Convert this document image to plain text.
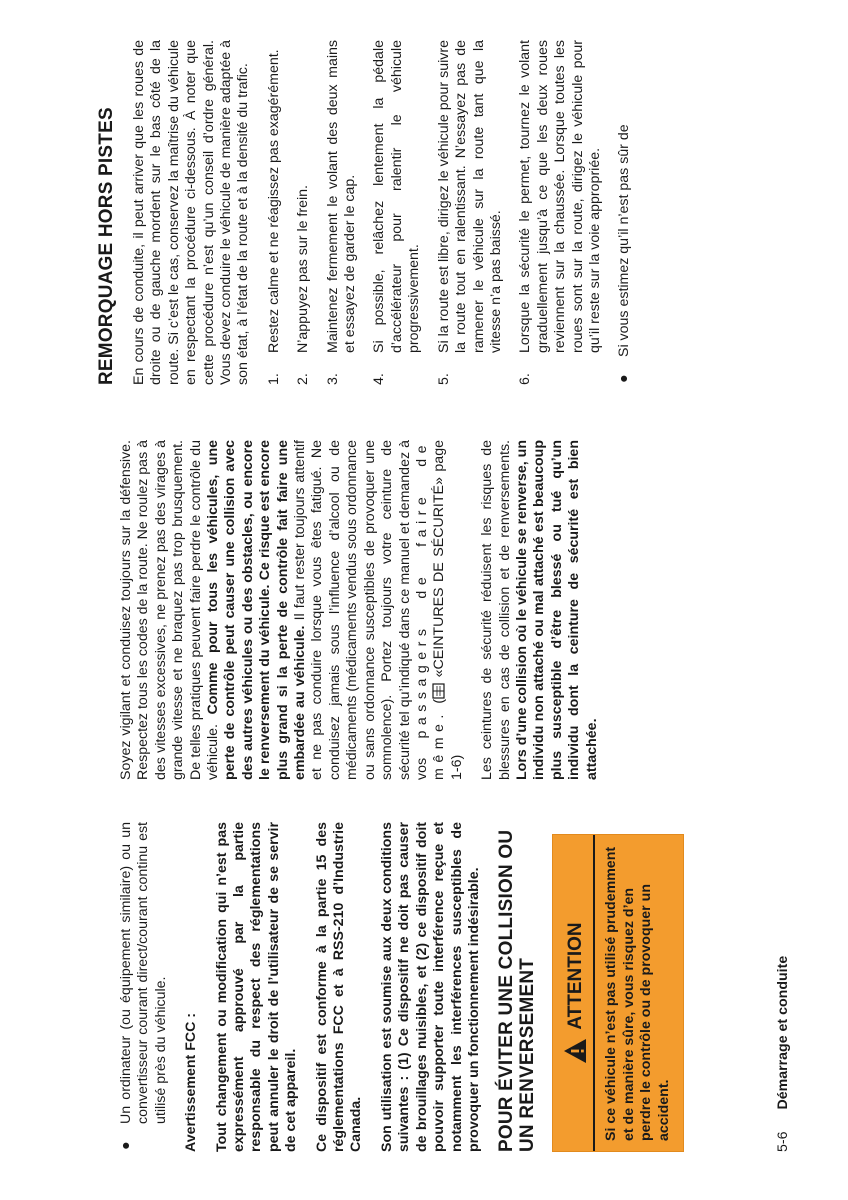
●
Un ordinateur (ou équipement similaire) ou un convertisseur courant direct/courant continu est utilisé près du véhicule. Avertissement FCC : Tout changement ou modification qui n’est pas expressément approuvé par la partie responsable du respect des réglementations peut annuler le droit de l’utilisateur de se servir de cet appareil. Ce dispositif est conforme à la partie 15 des réglementations FCC et à RSS-210 d’Industrie Canada. Son utilisation est soumise aux deux conditions suivantes : (1) Ce dispositif ne doit pas causer de brouillages nuisibles, et (2) ce dispositif doit pouvoir supporter toute interférence reçue et notamment les interférences susceptibles de provoquer un fonctionnement indésirable. POUR ÉVITER UNE COLLISION OU UN RENVERSEMENT ATTENTION	Si ce véhicule n’est pas utilisé prudemment et de manière sûre, vous risquez d’en perdre le contrôle ou de provoquer un accident.

Soyez vigilant et conduisez toujours sur la défensive. Respectez tous les codes de la route. Ne roulez pas à des vitesses excessives, ne prenez pas des virages à grande vitesse et ne braquez pas trop brusquement. De telles pratiques peuvent faire perdre le contrôle du véhicule. Comme pour tous les véhicules, une perte de contrôle peut causer une collision avec des autres véhicules ou des obstacles, ou encore le renversement du véhicule. Ce risque est encore plus grand si la perte de contrôle fait faire une embardée au véhicule. Il faut rester toujours attentif et ne pas conduire lorsque vous êtes fatigué. Ne conduisez jamais sous l’influence d’alcool ou de médicaments (médicaments vendus sous ordonnance ou sans ordonnance susceptibles de provoquer une somnolence). Portez toujours votre ceinture de sécurité tel qu’indiqué dans ce manuel et demandez à vos passagers de faire de même. ( «CEINTURES DE SÉCURITÉ» page 1-6) Les ceintures de sécurité réduisent les risques de blessures en cas de collision et de renversements. Lors d’une collision où le véhicule se renverse, un individu non attaché ou mal attaché est beaucoup plus susceptible d’être blessé ou tué qu’un individu dont la ceinture de sécurité est bien attachée.

REMORQUAGE HORS PISTES En cours de conduite, il peut arriver que les roues de droite ou de gauche mordent sur le bas côté de la route. Si c’est le cas, conservez la maîtrise du véhicule en respectant la procédure ci-dessous. À noter que cette procédure n’est qu’un conseil d’ordre général. Vous devez conduire le véhicule de manière adaptée à son état, à l’état de la route et à la densité du trafic. 1.
Restez calme et ne réagissez pas exagérément.
2.
N’appuyez pas sur le frein.
3.
Maintenez fermement le volant des deux mains et essayez de garder le cap.
4.
Si possible, relâchez lentement la pédale d’accélérateur pour ralentir le véhicule progressivement.
5.
Si la route est libre, dirigez le véhicule pour suivre la route tout en ralentissant. N’essayez pas de ramener le véhicule sur la route tant que la vitesse n’a pas baissé.
6.
Lorsque la sécurité le permet, tournez le volant graduellement jusqu’à ce que les deux roues reviennent sur la chaussée. Lorsque toutes les roues sont sur la route, dirigez le véhicule pour qu’il reste sur la voie appropriée.

●
Si vous estimez qu’il n’est pas sûr de

5-6 Démarrage et conduite
